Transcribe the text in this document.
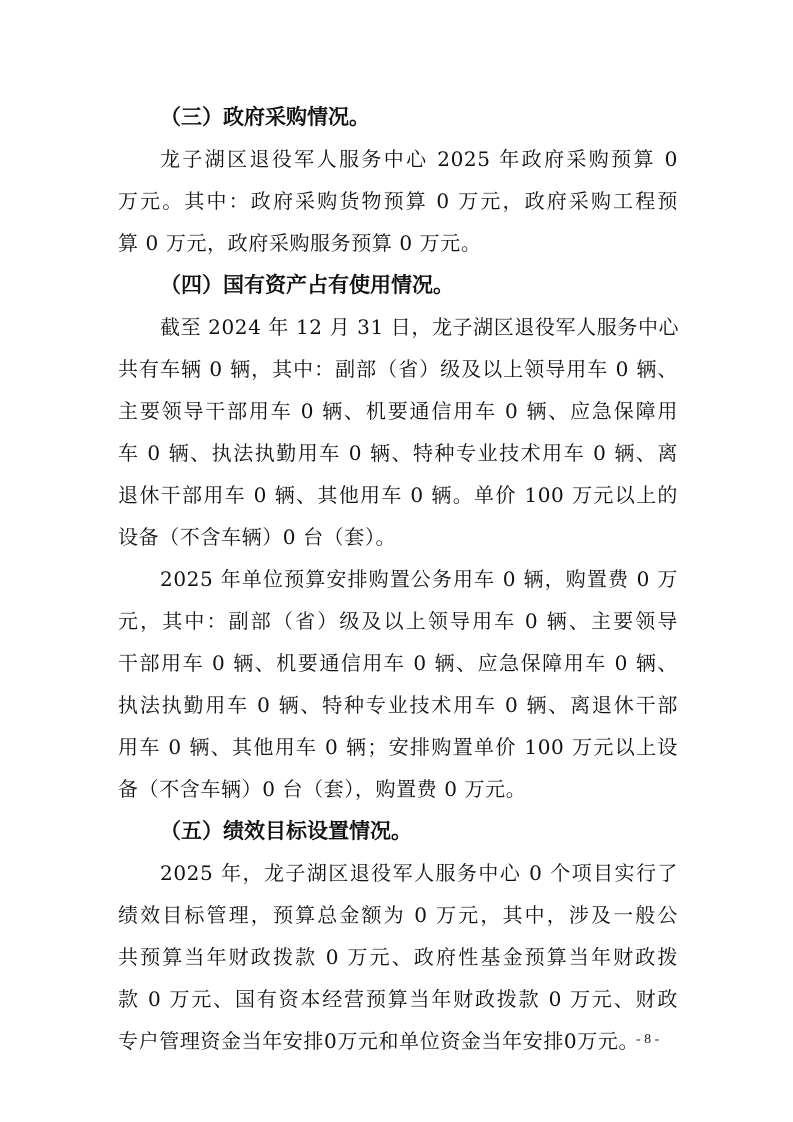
（三）政府采购情况。
龙子湖区退役军人服务中心 2025 年政府采购预算 0
万元。其中：政府采购货物预算 0 万元，政府采购工程预
算 0 万元，政府采购服务预算 0 万元。
（四）国有资产占有使用情况。
截至 2024 年 12 月 31 日，龙子湖区退役军人服务中心
共有车辆 0 辆，其中：副部（省）级及以上领导用车 0 辆、
主要领导干部用车 0 辆、机要通信用车 0 辆、应急保障用
车 0 辆、执法执勤用车 0 辆、特种专业技术用车 0 辆、离
退休干部用车 0 辆、其他用车 0 辆。单价 100 万元以上的
设备（不含车辆）0 台（套）。
2025 年单位预算安排购置公务用车 0 辆，购置费 0 万
元，其中：副部（省）级及以上领导用车 0 辆、主要领导
干部用车 0 辆、机要通信用车 0 辆、应急保障用车 0 辆、
执法执勤用车 0 辆、特种专业技术用车 0 辆、离退休干部
用车 0 辆、其他用车 0 辆；安排购置单价 100 万元以上设
备（不含车辆）0 台（套），购置费 0 万元。
（五）绩效目标设置情况。
2025 年，龙子湖区退役军人服务中心 0 个项目实行了
绩效目标管理，预算总金额为 0 万元，其中，涉及一般公
共预算当年财政拨款 0 万元、政府性基金预算当年财政拨
款 0 万元、国有资本经营预算当年财政拨款 0 万元、财政
专户管理资金当年安排0万元和单位资金当年安排0万元。
- 8 -
